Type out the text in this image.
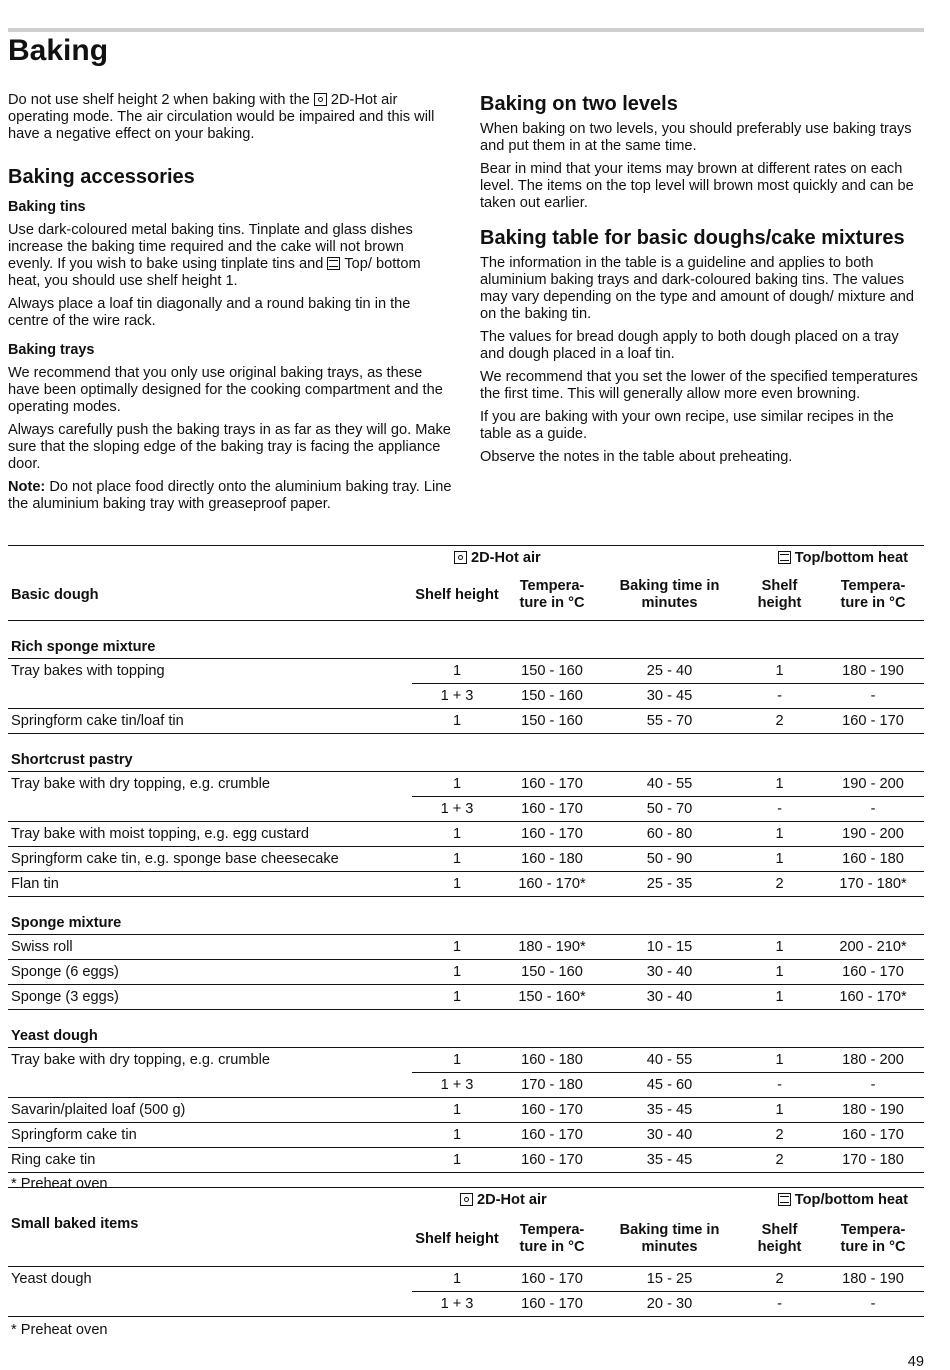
Baking

Do not use shelf height 2 when baking with the 2D-Hot air operating mode. The air circulation would be impaired and this will have a negative effect on your baking.

Baking accessories
Baking tins

Use dark-coloured metal baking tins. Tinplate and glass dishes increase the baking time required and the cake will not brown evenly. If you wish to bake using tinplate tins and Top/ bottom heat, you should use shelf height 1.

Always place a loaf tin diagonally and a round baking tin in the centre of the wire rack.

Baking trays

We recommend that you only use original baking trays, as these have been optimally designed for the cooking compartment and the operating modes.

Always carefully push the baking trays in as far as they will go. Make sure that the sloping edge of the baking tray is facing the appliance door.

Note: Do not place food directly onto the aluminium baking tray. Line the aluminium baking tray with greaseproof paper.

Baking on two levels

When baking on two levels, you should preferably use baking trays and put them in at the same time.

Bear in mind that your items may brown at different rates on each level. The items on the top level will brown most quickly and can be taken out earlier.

Baking table for basic doughs/cake mixtures

The information in the table is a guideline and applies to both aluminium baking trays and dark-coloured baking tins. The values may vary depending on the type and amount of dough/ mixture and on the baking tin.

The values for bread dough apply to both dough placed on a tray and dough placed in a loaf tin.

We recommend that you set the lower of the specified temperatures the first time. This will generally allow more even browning.

If you are baking with your own recipe, use similar recipes in the table as a guide.

Observe the notes in the table about preheating.

	2D-Hot air			Top/bottom heat	
Basic dough	Shelf height	Tempera- ture in °C	Baking time in minutes	Shelf height	Tempera- ture in °C
Rich sponge mixture					
Tray bakes with topping	1	150 - 160	25 - 40	1	180 - 190
	1 + 3	150 - 160	30 - 45	-	-
Springform cake tin/loaf tin	1	150 - 160	55 - 70	2	160 - 170
Shortcrust pastry					
Tray bake with dry topping, e.g. crumble	1	160 - 170	40 - 55	1	190 - 200
	1 + 3	160 - 170	50 - 70	-	-
Tray bake with moist topping, e.g. egg custard	1	160 - 170	60 - 80	1	190 - 200
Springform cake tin, e.g. sponge base cheesecake	1	160 - 180	50 - 90	1	160 - 180
Flan tin	1	160 - 170*	25 - 35	2	170 - 180*
Sponge mixture					
Swiss roll	1	180 - 190*	10 - 15	1	200 - 210*
Sponge (6 eggs)	1	150 - 160	30 - 40	1	160 - 170
Sponge (3 eggs)	1	150 - 160*	30 - 40	1	160 - 170*
Yeast dough					
Tray bake with dry topping, e.g. crumble	1	160 - 180	40 - 55	1	180 - 200
	1 + 3	170 - 180	45 - 60	-	-
Savarin/plaited loaf (500 g)	1	160 - 170	35 - 45	1	180 - 190
Springform cake tin	1	160 - 170	30 - 40	2	160 - 170
Ring cake tin	1	160 - 170	35 - 45	2	170 - 180
* Preheat oven					
	2D-Hot air			Top/bottom heat	
Small baked items	Shelf height	Tempera- ture in °C	Baking time in minutes	Shelf height	Tempera- ture in °C
Yeast dough	1	160 - 170	15 - 25	2	180 - 190
	1 + 3	160 - 170	20 - 30	-	-
* Preheat oven					
49
